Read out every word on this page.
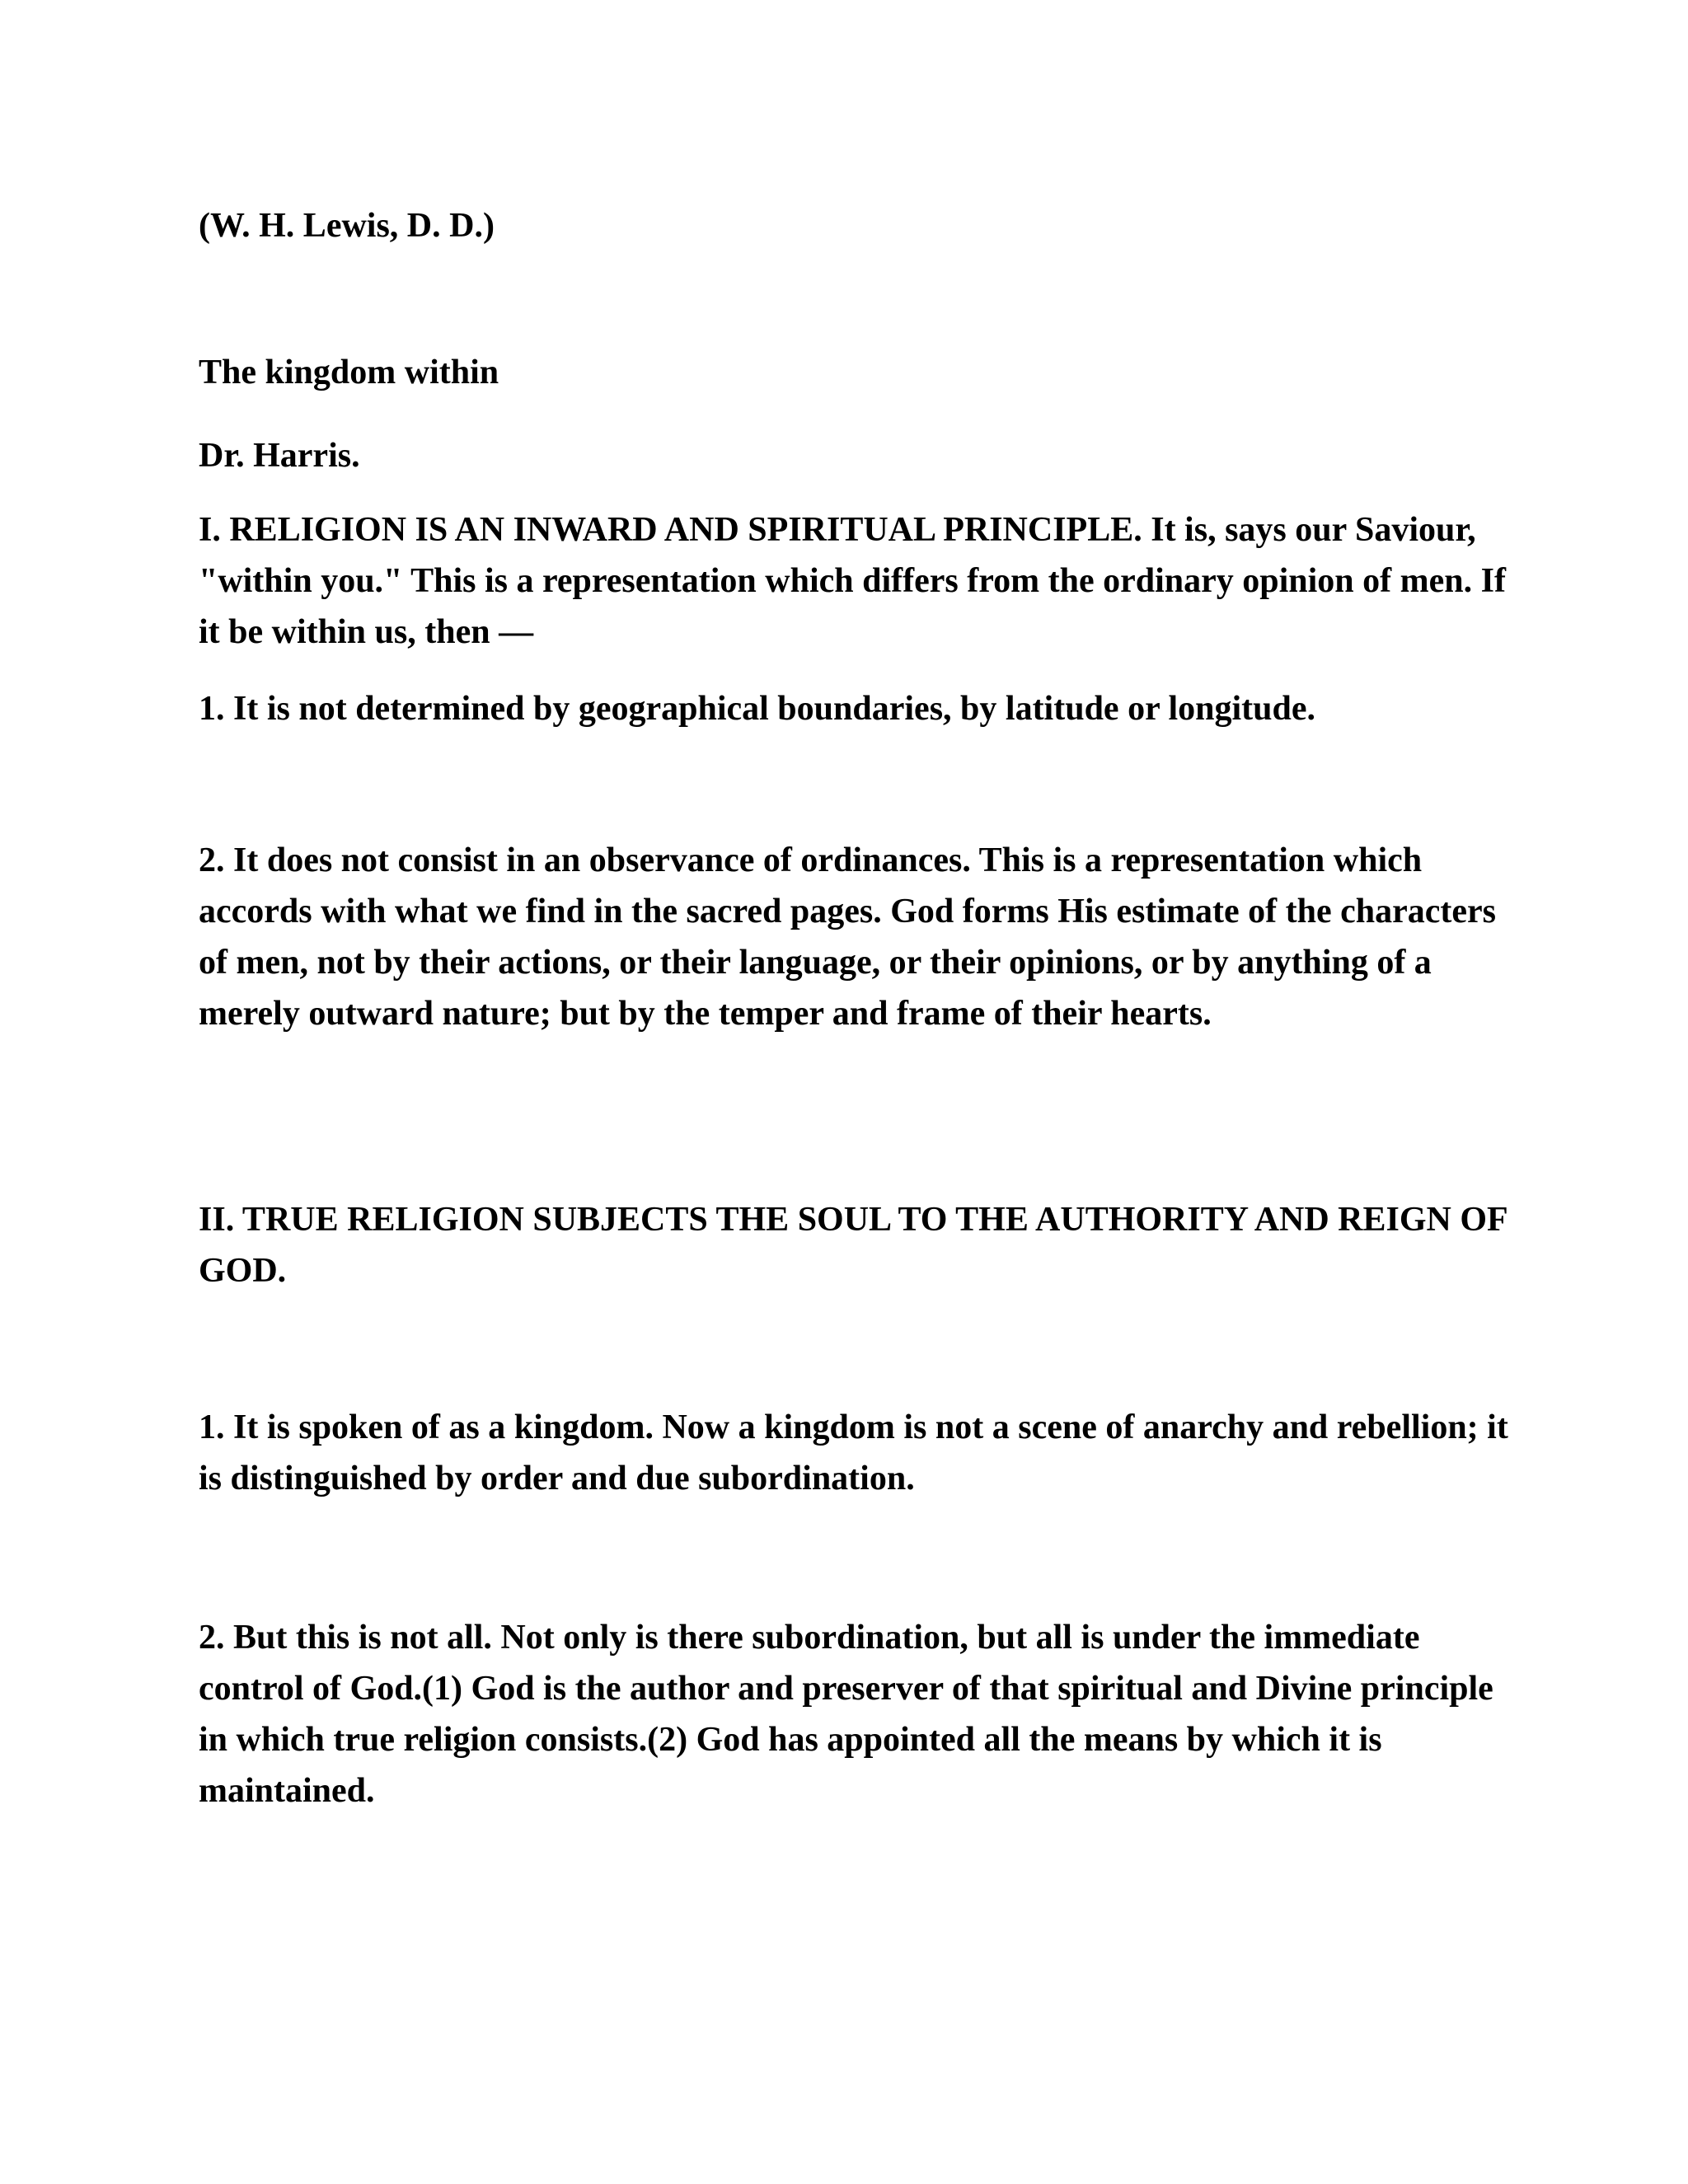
(W. H. Lewis, D. D.)

The kingdom within

Dr. Harris.

I. RELIGION IS AN INWARD AND SPIRITUAL PRINCIPLE. It is, says our Saviour, "within you." This is a representation which differs from the ordinary opinion of men. If it be within us, then —

1. It is not determined by geographical boundaries, by latitude or longitude.

2. It does not consist in an observance of ordinances. This is a representation which accords with what we find in the sacred pages. God forms His estimate of the characters of men, not by their actions, or their language, or their opinions, or by anything of a merely outward nature; but by the temper and frame of their hearts.

II. TRUE RELIGION SUBJECTS THE SOUL TO THE AUTHORITY AND REIGN OF GOD.

1. It is spoken of as a kingdom. Now a kingdom is not a scene of anarchy and rebellion; it is distinguished by order and due subordination.

2. But this is not all. Not only is there subordination, but all is under the immediate control of God.(1) God is the author and preserver of that spiritual and Divine principle in which true religion consists.(2) God has appointed all the means by which it is maintained.
